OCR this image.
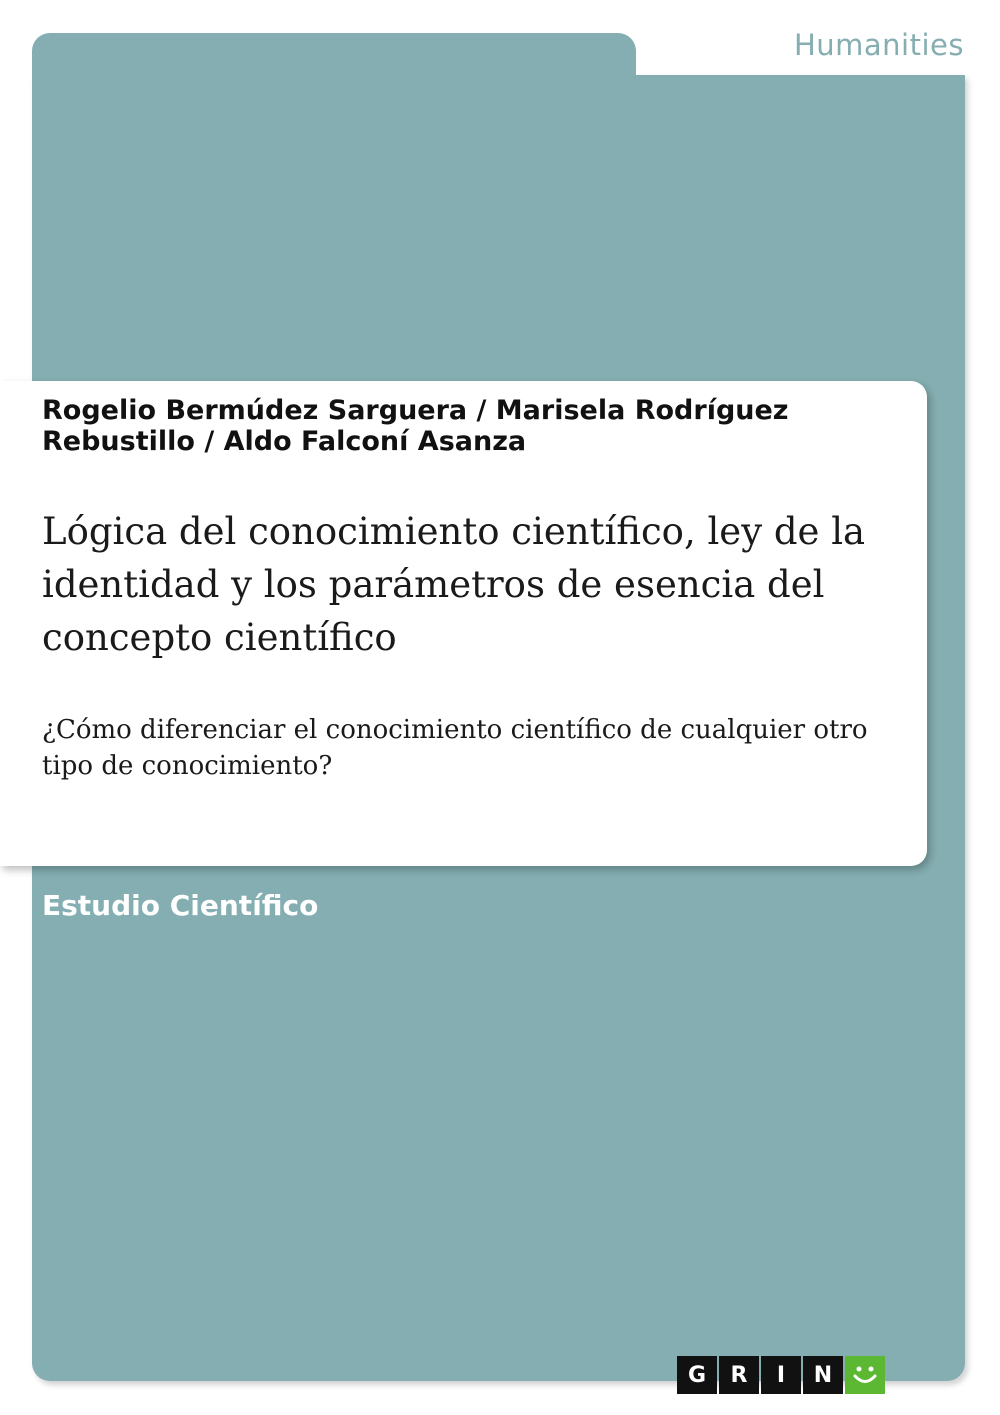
Humanities
Rogelio Bermúdez Sarguera / Marisela Rodríguez Rebustillo / Aldo Falconí Asanza
Lógica del conocimiento científico, ley de la identidad y los parámetros de esencia del concepto científico
¿Cómo diferenciar el conocimiento científico de cualquier otro tipo de conocimiento?
Estudio Científico
G	R	I	N
